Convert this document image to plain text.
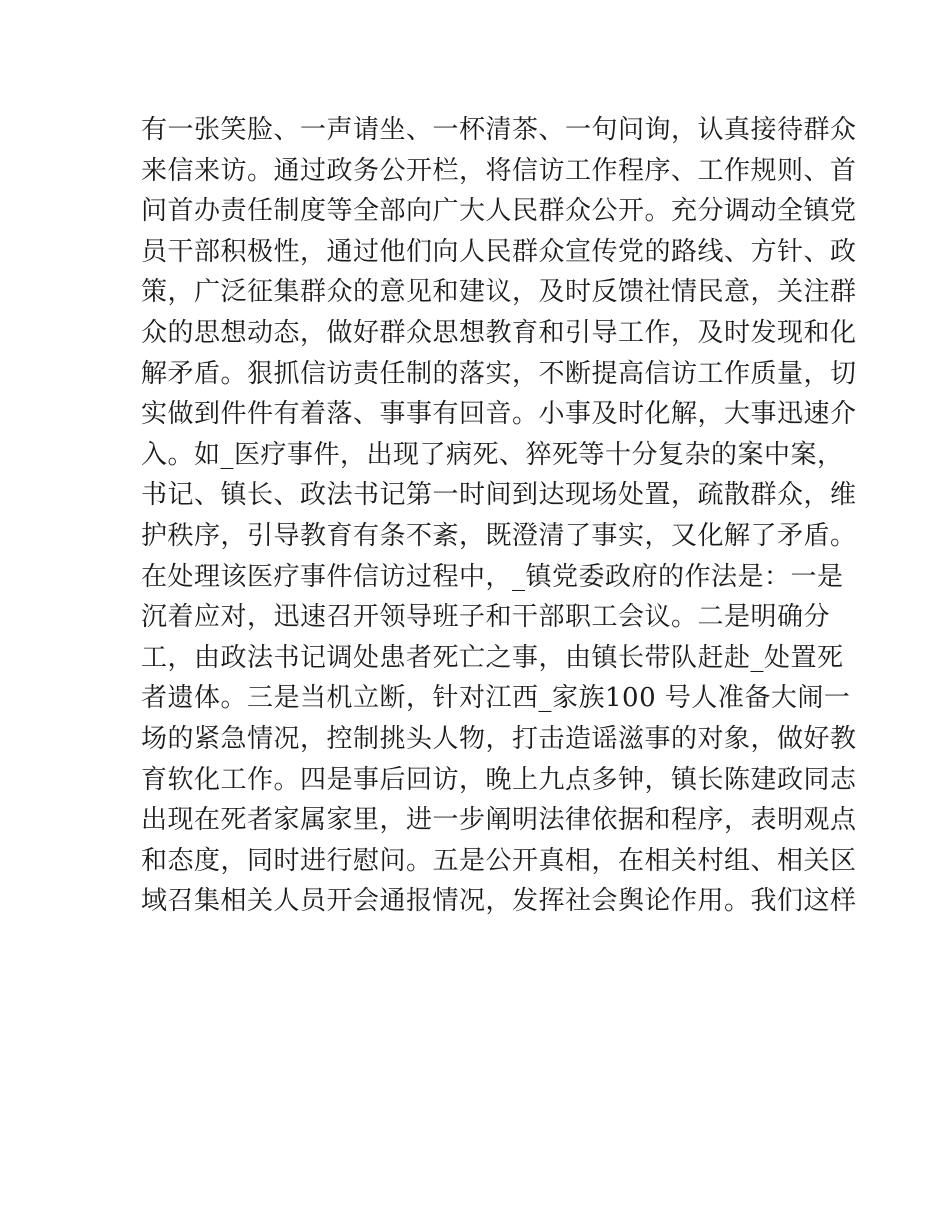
有一张笑脸、一声请坐、一杯清茶、一句问询，认真接待群众
来信来访。通过政务公开栏，将信访工作程序、工作规则、首
问首办责任制度等全部向广大人民群众公开。充分调动全镇党
员干部积极性，通过他们向人民群众宣传党的路线、方针、政
策，广泛征集群众的意见和建议，及时反馈社情民意，关注群
众的思想动态，做好群众思想教育和引导工作，及时发现和化
解矛盾。狠抓信访责任制的落实，不断提高信访工作质量，切
实做到件件有着落、事事有回音。小事及时化解，大事迅速介
入。如_医疗事件，出现了病死、猝死等十分复杂的案中案，
书记、镇长、政法书记第一时间到达现场处置，疏散群众，维
护秩序，引导教育有条不紊，既澄清了事实，又化解了矛盾。
在处理该医疗事件信访过程中，_镇党委政府的作法是：一是
沉着应对，迅速召开领导班子和干部职工会议。二是明确分
工，由政法书记调处患者死亡之事，由镇长带队赶赴_处置死
者遗体。三是当机立断，针对江西_家族100 号人准备大闹一
场的紧急情况，控制挑头人物，打击造谣滋事的对象，做好教
育软化工作。四是事后回访，晚上九点多钟，镇长陈建政同志
出现在死者家属家里，进一步阐明法律依据和程序，表明观点
和态度，同时进行慰问。五是公开真相，在相关村组、相关区
域召集相关人员开会通报情况，发挥社会舆论作用。我们这样
